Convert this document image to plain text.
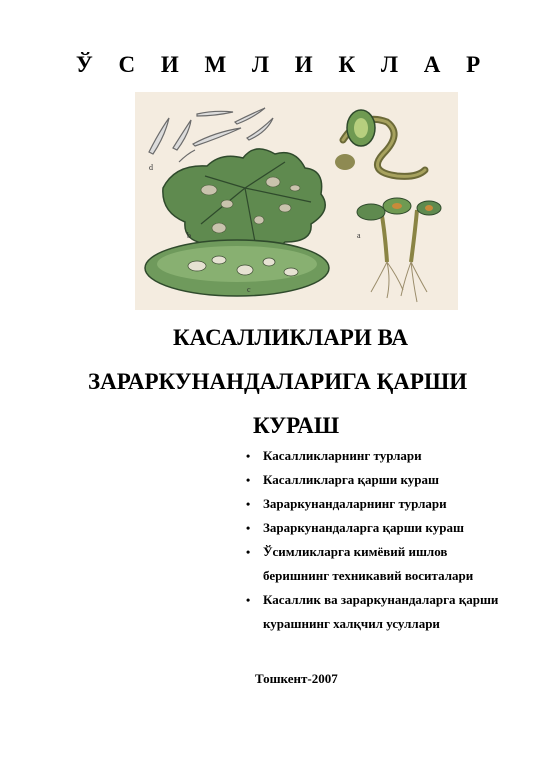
Ў С И М Л И К Л А Р
d
b	a
c
КАСАЛЛИКЛАРИ ВА
ЗАРАРКУНАНДАЛАРИГА ҚАРШИ
КУРАШ
• Касалликларнинг турлари
• Касалликларга қарши кураш
• Зараркунандаларнинг турлари
• Зараркунандаларга қарши кураш
• Ўсимликларга кимёвий ишлов
беришнинг техникавий воситалари
• Касаллик ва зараркунандаларга қарши
курашнинг халқчил усуллари
Тошкент-2007
